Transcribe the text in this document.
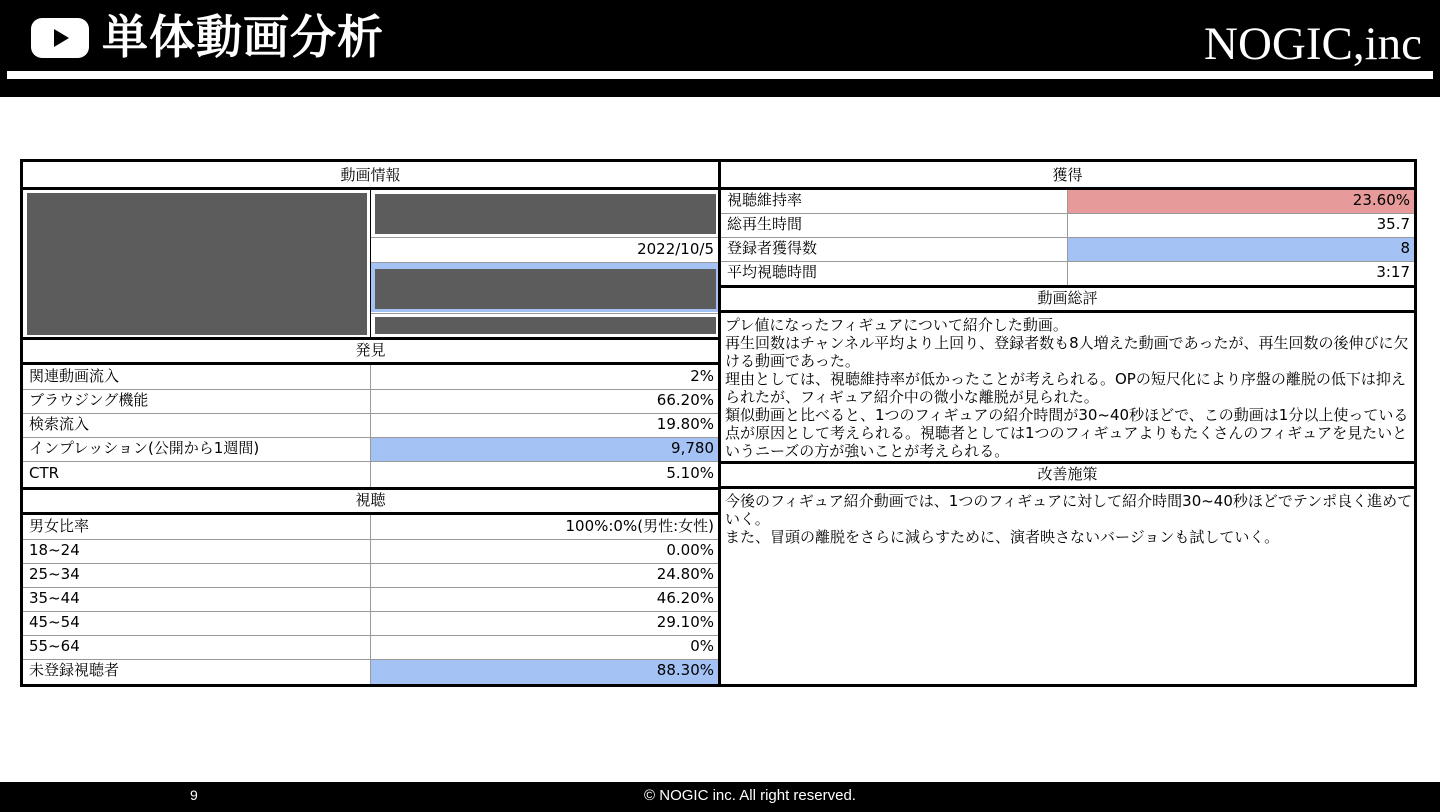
単体動画分析	NOGIC,inc
動画情報
2022/10/5
発見
関連動画流入	2%
ブラウジング機能	66.20%
検索流入	19.80%
インプレッション(公開から1週間)	9,780
CTR	5.10%
視聴
男女比率	100%:0%(男性:女性)
18~24	0.00%
25~34	24.80%
35~44	46.20%
45~54	29.10%
55~64	0%
未登録視聴者	88.30%
獲得
視聴維持率	23.60%
総再生時間	35.7
登録者獲得数	8
平均視聴時間	3:17
動画総評
プレ値になったフィギュアについて紹介した動画。
再生回数はチャンネル平均より上回り、登録者数も8人増えた動画であったが、再生回数の後伸びに欠ける動画であった。
理由としては、視聴維持率が低かったことが考えられる。OPの短尺化により序盤の離脱の低下は抑えられたが、フィギュア紹介中の微小な離脱が見られた。
類似動画と比べると、1つのフィギュアの紹介時間が30~40秒ほどで、この動画は1分以上使っている点が原因として考えられる。視聴者としては1つのフィギュアよりもたくさんのフィギュアを見たいというニーズの方が強いことが考えられる。
改善施策
今後のフィギュア紹介動画では、1つのフィギュアに対して紹介時間30~40秒ほどでテンポ良く進めていく。
また、冒頭の離脱をさらに減らすために、演者映さないバージョンも試していく。
9	© NOGIC inc. All right reserved.
